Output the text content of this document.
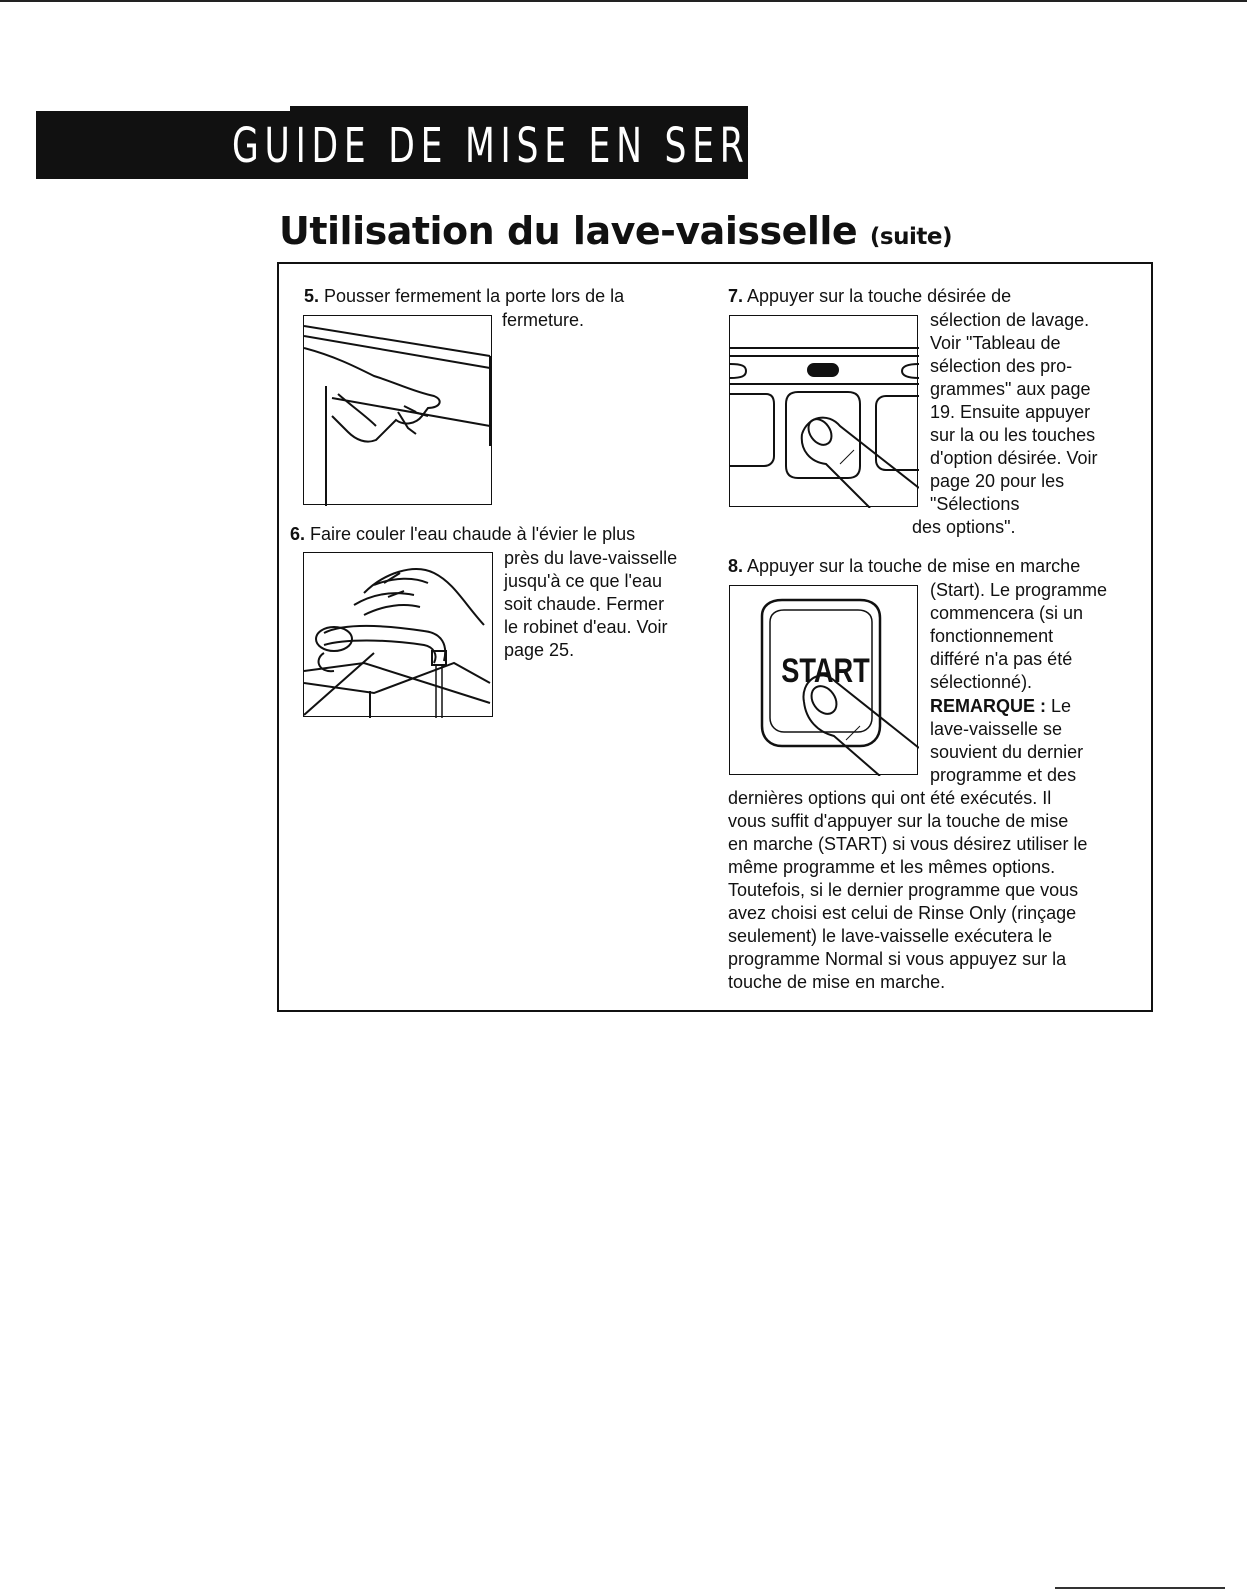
GUIDE DE MISE EN SERVICE
Utilisation du lave-vaisselle (suite)
5. Pousser fermement la porte lors de la
fermeture.
6. Faire couler l'eau chaude à l'évier le plus
près du lave-vaisselle
jusqu'à ce que l'eau
soit chaude. Fermer
le robinet d'eau. Voir
page 25.
7. Appuyer sur la touche désirée de
sélection de lavage.
Voir "Tableau de
sélection des pro-
grammes" aux page
19. Ensuite appuyer
sur la ou les touches
d'option désirée. Voir
page 20 pour les
"Sélections
des options".
8. Appuyer sur la touche de mise en marche
(Start). Le programme
commencera (si un
fonctionnement
différé n'a pas été
sélectionné).
REMARQUE : Le
lave-vaisselle se
souvient du dernier
programme et des
dernières options qui ont été exécutés. Il
vous suffit d'appuyer sur la touche de mise
en marche (START) si vous désirez utiliser le
même programme et les mêmes options.
Toutefois, si le dernier programme que vous
avez choisi est celui de Rinse Only (rinçage
seulement) le lave-vaisselle exécutera le
programme Normal si vous appuyez sur la
touche de mise en marche.
START
